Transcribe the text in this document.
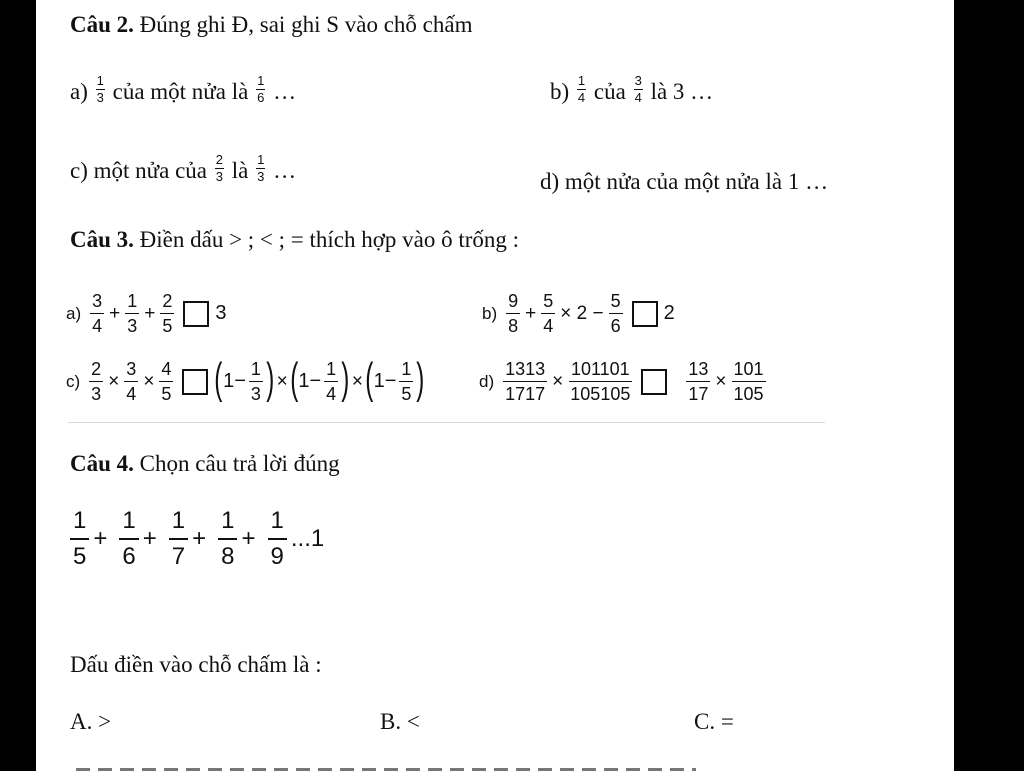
Câu 2. Đúng ghi Đ, sai ghi S vào chỗ chấm
$a) \frac{1}{3}$ của một nửa là $\frac{1}{6}$ …	$b) \frac{1}{4}$ của $\frac{3}{4}$ là 3 …
c) một nửa của $\frac{2}{3}$ là $\frac{1}{3}$ …	d) một nửa của một nửa là 1 …
Câu 3. Điền dấu > ; < ; = thích hợp vào ô trống :
$a) \frac{3}{4} + \frac{1}{3} + \frac{2}{5} 3$	$b) \frac{9}{8} + \frac{5}{4} \times 2 - \frac{5}{6} 2$
$c) \frac{2}{3} \times \frac{3}{4} \times \frac{4}{5}$ ( $1- \frac{1}{3}$ ) × ( $1- \frac{1}{4}$ ) × ( $1- \frac{1}{5}$ )	$d) \frac{1313}{1717} \times \frac{101101}{105105}$	$\frac{13}{17} \times \frac{101}{105}$
Câu 4. Chọn câu trả lời đúng
$\frac{1}{5} + \frac{1}{6} + \frac{1}{7} + \frac{1}{8} + \frac{1}{9} ...1$
Dấu điền vào chỗ chấm là :
A. >	B. <	C. =
